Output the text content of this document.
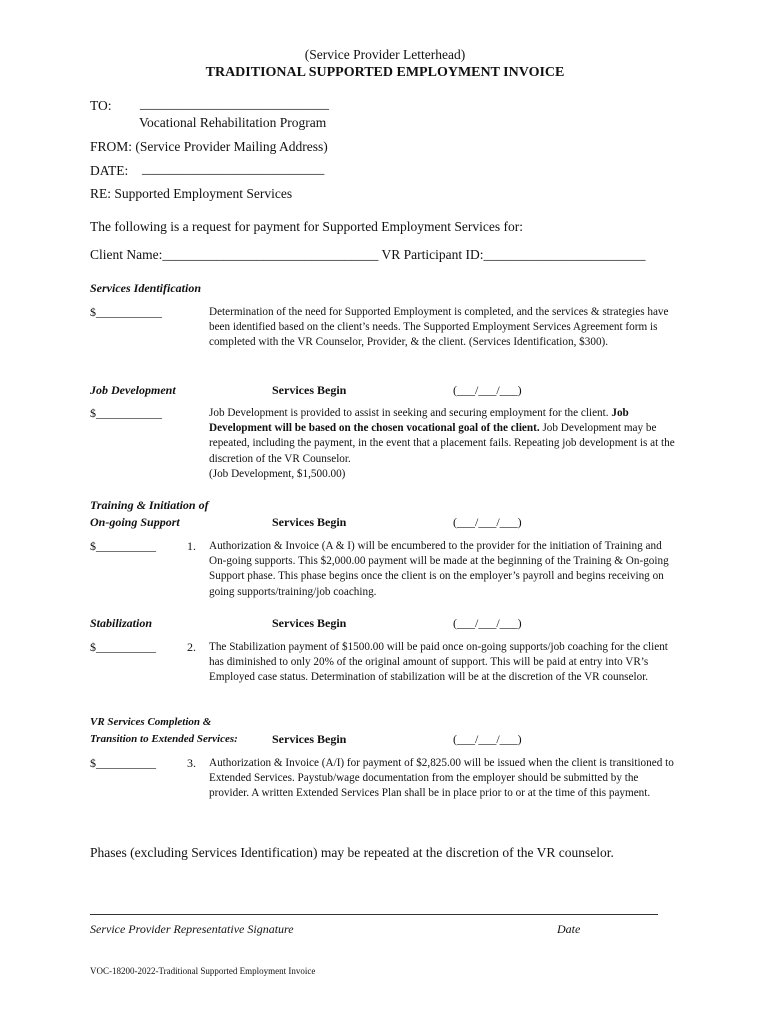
(Service Provider Letterhead)
TRADITIONAL SUPPORTED EMPLOYMENT INVOICE
TO: ____________________________
Vocational Rehabilitation Program
FROM: (Service Provider Mailing Address)
DATE: ___________________________
RE: Supported Employment Services
The following is a request for payment for Supported Employment Services for:
Client Name:________________________________ VR Participant ID:________________________
Services Identification
$___________	Determination of the need for Supported Employment is completed, and the services & strategies have been identified based on the client’s needs. The Supported Employment Services Agreement form is completed with the VR Counselor, Provider, & the client. (Services Identification, $300).
Job Development	Services Begin	(___/___/___)
$___________	Job Development is provided to assist in seeking and securing employment for the client. Job Development will be based on the chosen vocational goal of the client. Job Development may be repeated, including the payment, in the event that a placement fails. Repeating job development is at the discretion of the VR Counselor.
(Job Development, $1,500.00)
Training & Initiation of
On-going Support	Services Begin	(___/___/___)
$__________	1. Authorization & Invoice (A & I) will be encumbered to the provider for the initiation of Training and On-going supports. This $2,000.00 payment will be made at the beginning of the Training & On-going Support phase. This phase begins once the client is on the employer’s payroll and begins receiving on going supports/training/job coaching.
Stabilization	Services Begin	(___/___/___)
$__________	2. The Stabilization payment of $1500.00 will be paid once on-going supports/job coaching for the client has diminished to only 20% of the original amount of support. This will be paid at entry into VR’s Employed case status. Determination of stabilization will be at the discretion of the VR counselor.
VR Services Completion &
Transition to Extended Services:	Services Begin	(___/___/___)
$__________	3. Authorization & Invoice (A/I) for payment of $2,825.00 will be issued when the client is transitioned to Extended Services. Paystub/wage documentation from the employer should be submitted by the provider. A written Extended Services Plan shall be in place prior to or at the time of this payment.
Phases (excluding Services Identification) may be repeated at the discretion of the VR counselor.
Service Provider Representative Signature	Date
VOC-18200-2022-Traditional Supported Employment Invoice
